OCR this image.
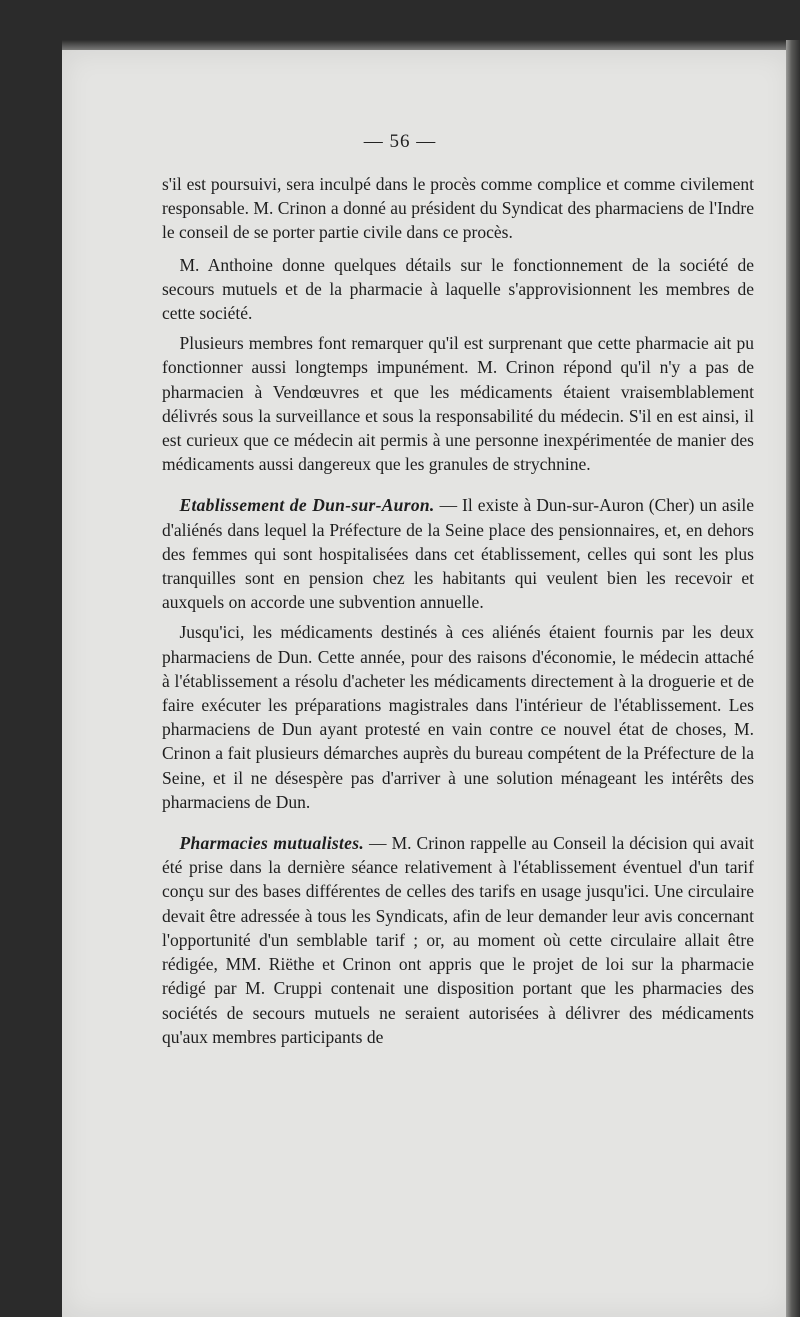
— 56 —

s'il est poursuivi, sera inculpé dans le procès comme complice et comme civilement responsable. M. Crinon a donné au président du Syndicat des pharmaciens de l'Indre le conseil de se porter partie civile dans ce procès.

 M. Anthoine donne quelques détails sur le fonctionnement de la société de secours mutuels et de la pharmacie à laquelle s'approvisionnent les membres de cette société.

 Plusieurs membres font remarquer qu'il est surprenant que cette pharmacie ait pu fonctionner aussi longtemps impunément. M. Crinon répond qu'il n'y a pas de pharmacien à Vendœuvres et que les médicaments étaient vraisemblablement délivrés sous la surveillance et sous la responsabilité du médecin. S'il en est ainsi, il est curieux que ce médecin ait permis à une personne inexpérimentée de manier des médicaments aussi dangereux que les granules de strychnine.

 Etablissement de Dun-sur-Auron. — Il existe à Dun-sur-Auron (Cher) un asile d'aliénés dans lequel la Préfecture de la Seine place des pensionnaires, et, en dehors des femmes qui sont hospitalisées dans cet établissement, celles qui sont les plus tranquilles sont en pension chez les habitants qui veulent bien les recevoir et auxquels on accorde une subvention annuelle.

 Jusqu'ici, les médicaments destinés à ces aliénés étaient fournis par les deux pharmaciens de Dun. Cette année, pour des raisons d'économie, le médecin attaché à l'établissement a résolu d'acheter les médicaments directement à la droguerie et de faire exécuter les préparations magistrales dans l'intérieur de l'établissement. Les pharmaciens de Dun ayant protesté en vain contre ce nouvel état de choses, M. Crinon a fait plusieurs démarches auprès du bureau compétent de la Préfecture de la Seine, et il ne désespère pas d'arriver à une solution ménageant les intérêts des pharmaciens de Dun.

 Pharmacies mutualistes. — M. Crinon rappelle au Conseil la décision qui avait été prise dans la dernière séance relativement à l'établissement éventuel d'un tarif conçu sur des bases différentes de celles des tarifs en usage jusqu'ici. Une circulaire devait être adressée à tous les Syndicats, afin de leur demander leur avis concernant l'opportunité d'un semblable tarif ; or, au moment où cette circulaire allait être rédigée, MM. Riëthe et Crinon ont appris que le projet de loi sur la pharmacie rédigé par M. Cruppi contenait une disposition portant que les pharmacies des sociétés de secours mutuels ne seraient autorisées à délivrer des médicaments qu'aux membres participants de
